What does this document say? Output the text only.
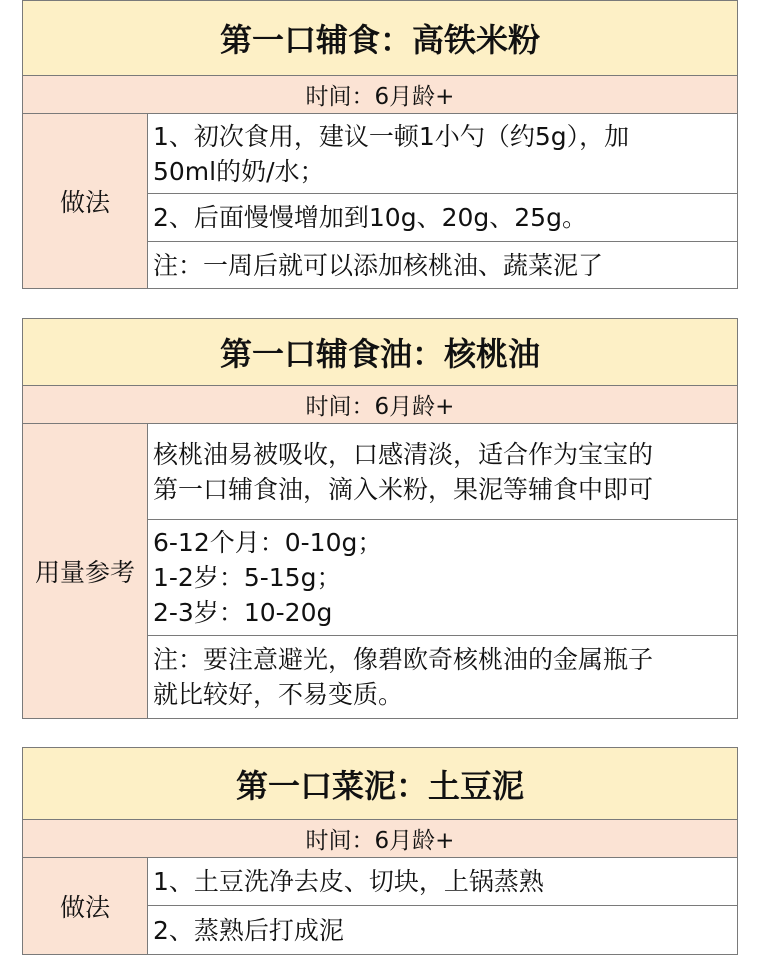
第一口辅食：高铁米粉
时间：6月龄+
做法
1、初次食用，建议一顿1小勺（约5g），加
50ml的奶/水；
2、后面慢慢增加到10g、20g、25g。
注：一周后就可以添加核桃油、蔬菜泥了
第一口辅食油：核桃油
时间：6月龄+
用量参考
核桃油易被吸收，口感清淡，适合作为宝宝的
第一口辅食油，滴入米粉，果泥等辅食中即可
6-12个月：0-10g；
1-2岁：5-15g；
2-3岁：10-20g
注：要注意避光，像碧欧奇核桃油的金属瓶子
就比较好，不易变质。
第一口菜泥：土豆泥
时间：6月龄+
做法
1、土豆洗净去皮、切块，上锅蒸熟
2、蒸熟后打成泥
